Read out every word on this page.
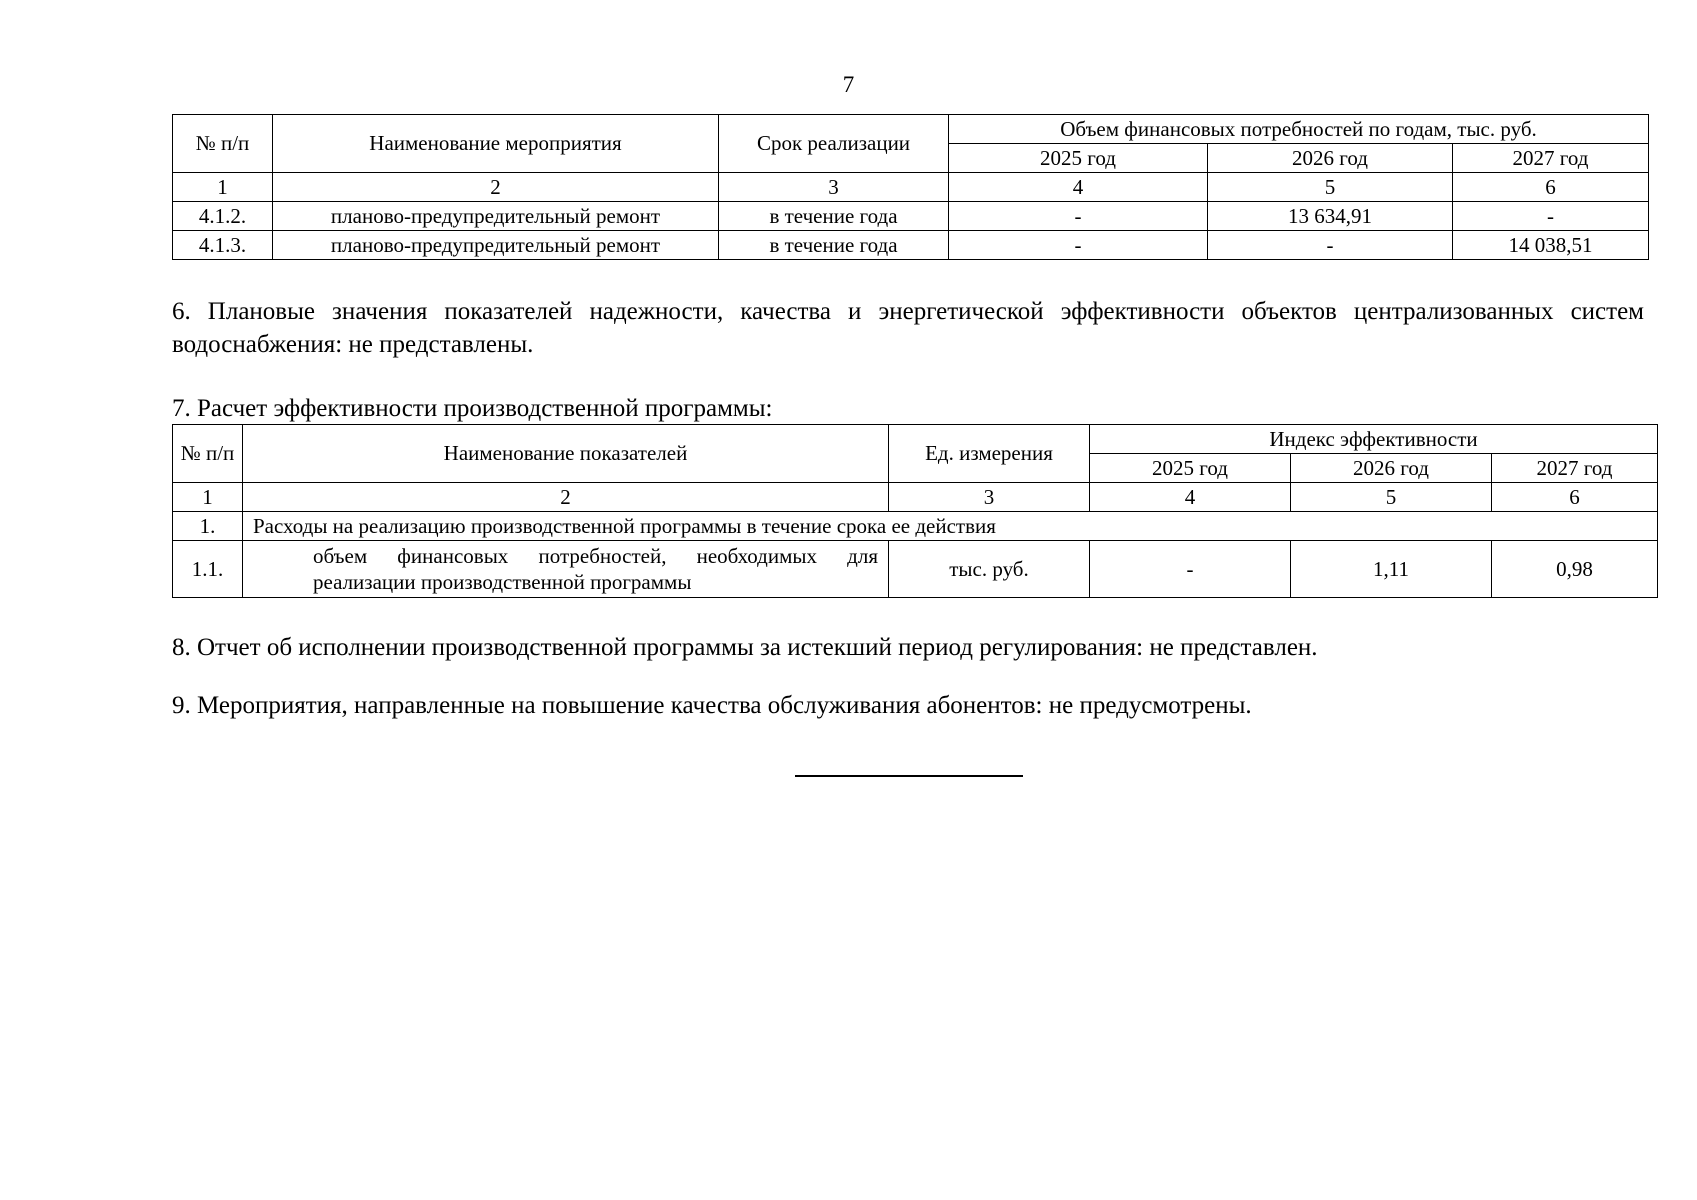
7
№ п/п	Наименование мероприятия	Срок реализации	Объем финансовых потребностей по годам, тыс. руб.		
			2025 год	2026 год	2027 год
1	2	3	4	5	6
4.1.2.	планово-предупредительный ремонт	в течение года	-	13 634,91	-
4.1.3.	планово-предупредительный ремонт	в течение года	-	-	14 038,51

6. Плановые значения показателей надежности, качества и энергетической эффективности объектов централизованных систем водоснабжения: не представлены.

7. Расчет эффективности производственной программы:

№ п/п	Наименование показателей	Ед. измерения	Индекс эффективности		
			2025 год	2026 год	2027 год
1	2	3	4	5	6
1.	Расходы на реализацию производственной программы в течение срока ее действия				
1.1.	объем финансовых потребностей, необходимых для реализации производственной программы	тыс. руб.	-	1,11	0,98

8. Отчет об исполнении производственной программы за истекший период регулирования: не представлен.

9. Мероприятия, направленные на повышение качества обслуживания абонентов: не предусмотрены.
